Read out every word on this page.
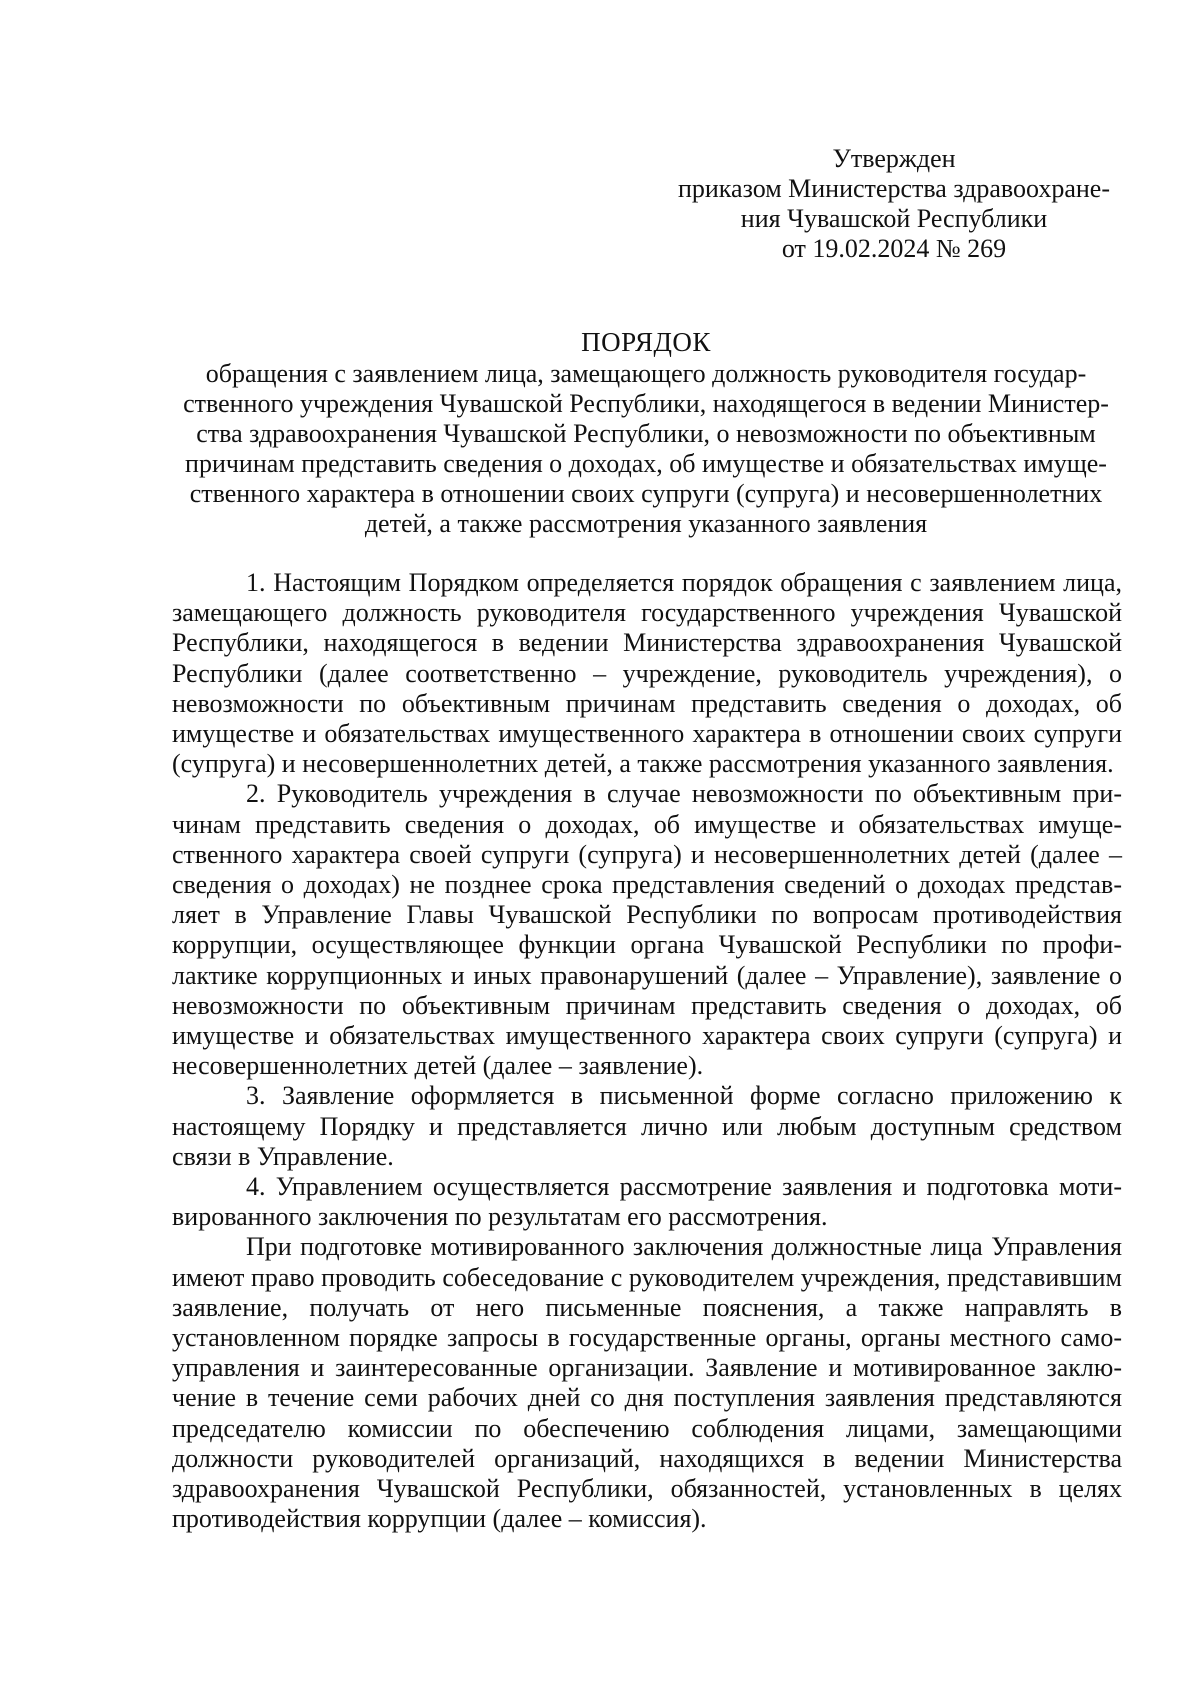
Утвержден
приказом Министерства здравоохране-
ния Чувашской Республики
от 19.02.2024 № 269
ПОРЯДОК
обращения с заявлением лица, замещающего должность руководителя государственного учреждения Чувашской Республики, находящегося в ведении Министерства здравоохранения Чувашской Республики, о невозможности по объективным причинам представить сведения о доходах, об имуществе и обязательствах имущественного характера в отношении своих супруги (супруга) и несовершеннолетних детей, а также рассмотрения указанного заявления

1. Настоящим Порядком определяется порядок обращения с заявлением лица, замещающего должность руководителя государственного учреждения Чувашской Республики, находящегося в ведении Министерства здравоохранения Чувашской Республики (далее соответственно – учреждение, руководитель учреждения), о невозможности по объективным причинам представить сведения о доходах, об имуществе и обязательствах имущественного характера в отношении своих супруги (супруга) и несовершеннолетних детей, а также рассмотрения указанного заявления.

2. Руководитель учреждения в случае невозможности по объективным причинам представить сведения о доходах, об имуществе и обязательствах имущественного характера своей супруги (супруга) и несовершеннолетних детей (далее – сведения о доходах) не позднее срока представления сведений о доходах представляет в Управление Главы Чувашской Республики по вопросам противодействия коррупции, осуществляющее функции органа Чувашской Республики по профилактике коррупционных и иных правонарушений (далее – Управление), заявление о невозможности по объективным причинам представить сведения о доходах, об имуществе и обязательствах имущественного характера своих супруги (супруга) и несовершеннолетних детей (далее – заявление).

3. Заявление оформляется в письменной форме согласно приложению к настоящему Порядку и представляется лично или любым доступным средством связи в Управление.

4. Управлением осуществляется рассмотрение заявления и подготовка мотивированного заключения по результатам его рассмотрения.

При подготовке мотивированного заключения должностные лица Управления имеют право проводить собеседование с руководителем учреждения, представившим заявление, получать от него письменные пояснения, а также направлять в установленном порядке запросы в государственные органы, органы местного самоуправления и заинтересованные организации. Заявление и мотивированное заключение в течение семи рабочих дней со дня поступления заявления представляются председателю комиссии по обеспечению соблюдения лицами, замещающими должности руководителей организаций, находящихся в ведении Министерства здравоохранения Чувашской Республики, обязанностей, установленных в целях противодействия коррупции (далее – комиссия).
